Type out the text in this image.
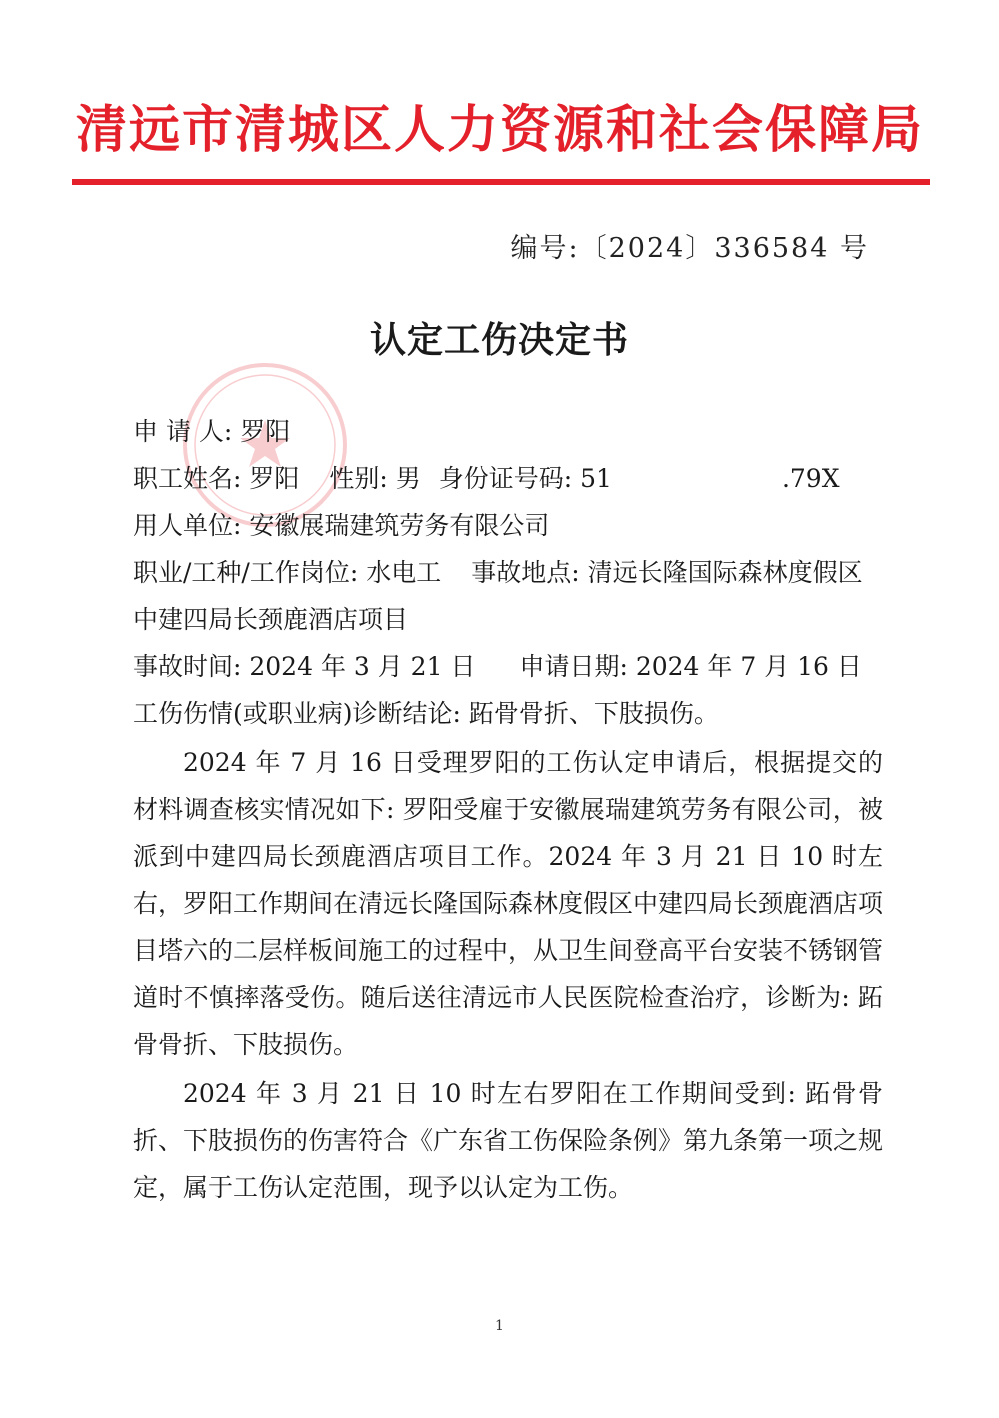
清远市清城区人力资源和社会保障局
编号:〔2024〕336584 号
认定工伤决定书

申 请 人: 罗阳

职工姓名: 罗阳 性别: 男 身份证号码: 51	.79X

用人单位: 安徽展瑞建筑劳务有限公司

职业/工种/工作岗位: 水电工 事故地点: 清远长隆国际森林度假区中建四局长颈鹿酒店项目

事故时间: 2024 年 3 月 21 日 申请日期: 2024 年 7 月 16 日

工伤伤情(或职业病)诊断结论: 跖骨骨折、下肢损伤。

2024 年 7 月 16 日受理罗阳的工伤认定申请后，根据提交的材料调查核实情况如下: 罗阳受雇于安徽展瑞建筑劳务有限公司，被派到中建四局长颈鹿酒店项目工作。2024 年 3 月 21 日 10 时左右，罗阳工作期间在清远长隆国际森林度假区中建四局长颈鹿酒店项目塔六的二层样板间施工的过程中，从卫生间登高平台安装不锈钢管道时不慎摔落受伤。随后送往清远市人民医院检查治疗，诊断为: 跖骨骨折、下肢损伤。

2024 年 3 月 21 日 10 时左右罗阳在工作期间受到: 跖骨骨折、下肢损伤的伤害符合《广东省工伤保险条例》第九条第一项之规定，属于工伤认定范围，现予以认定为工伤。

1
